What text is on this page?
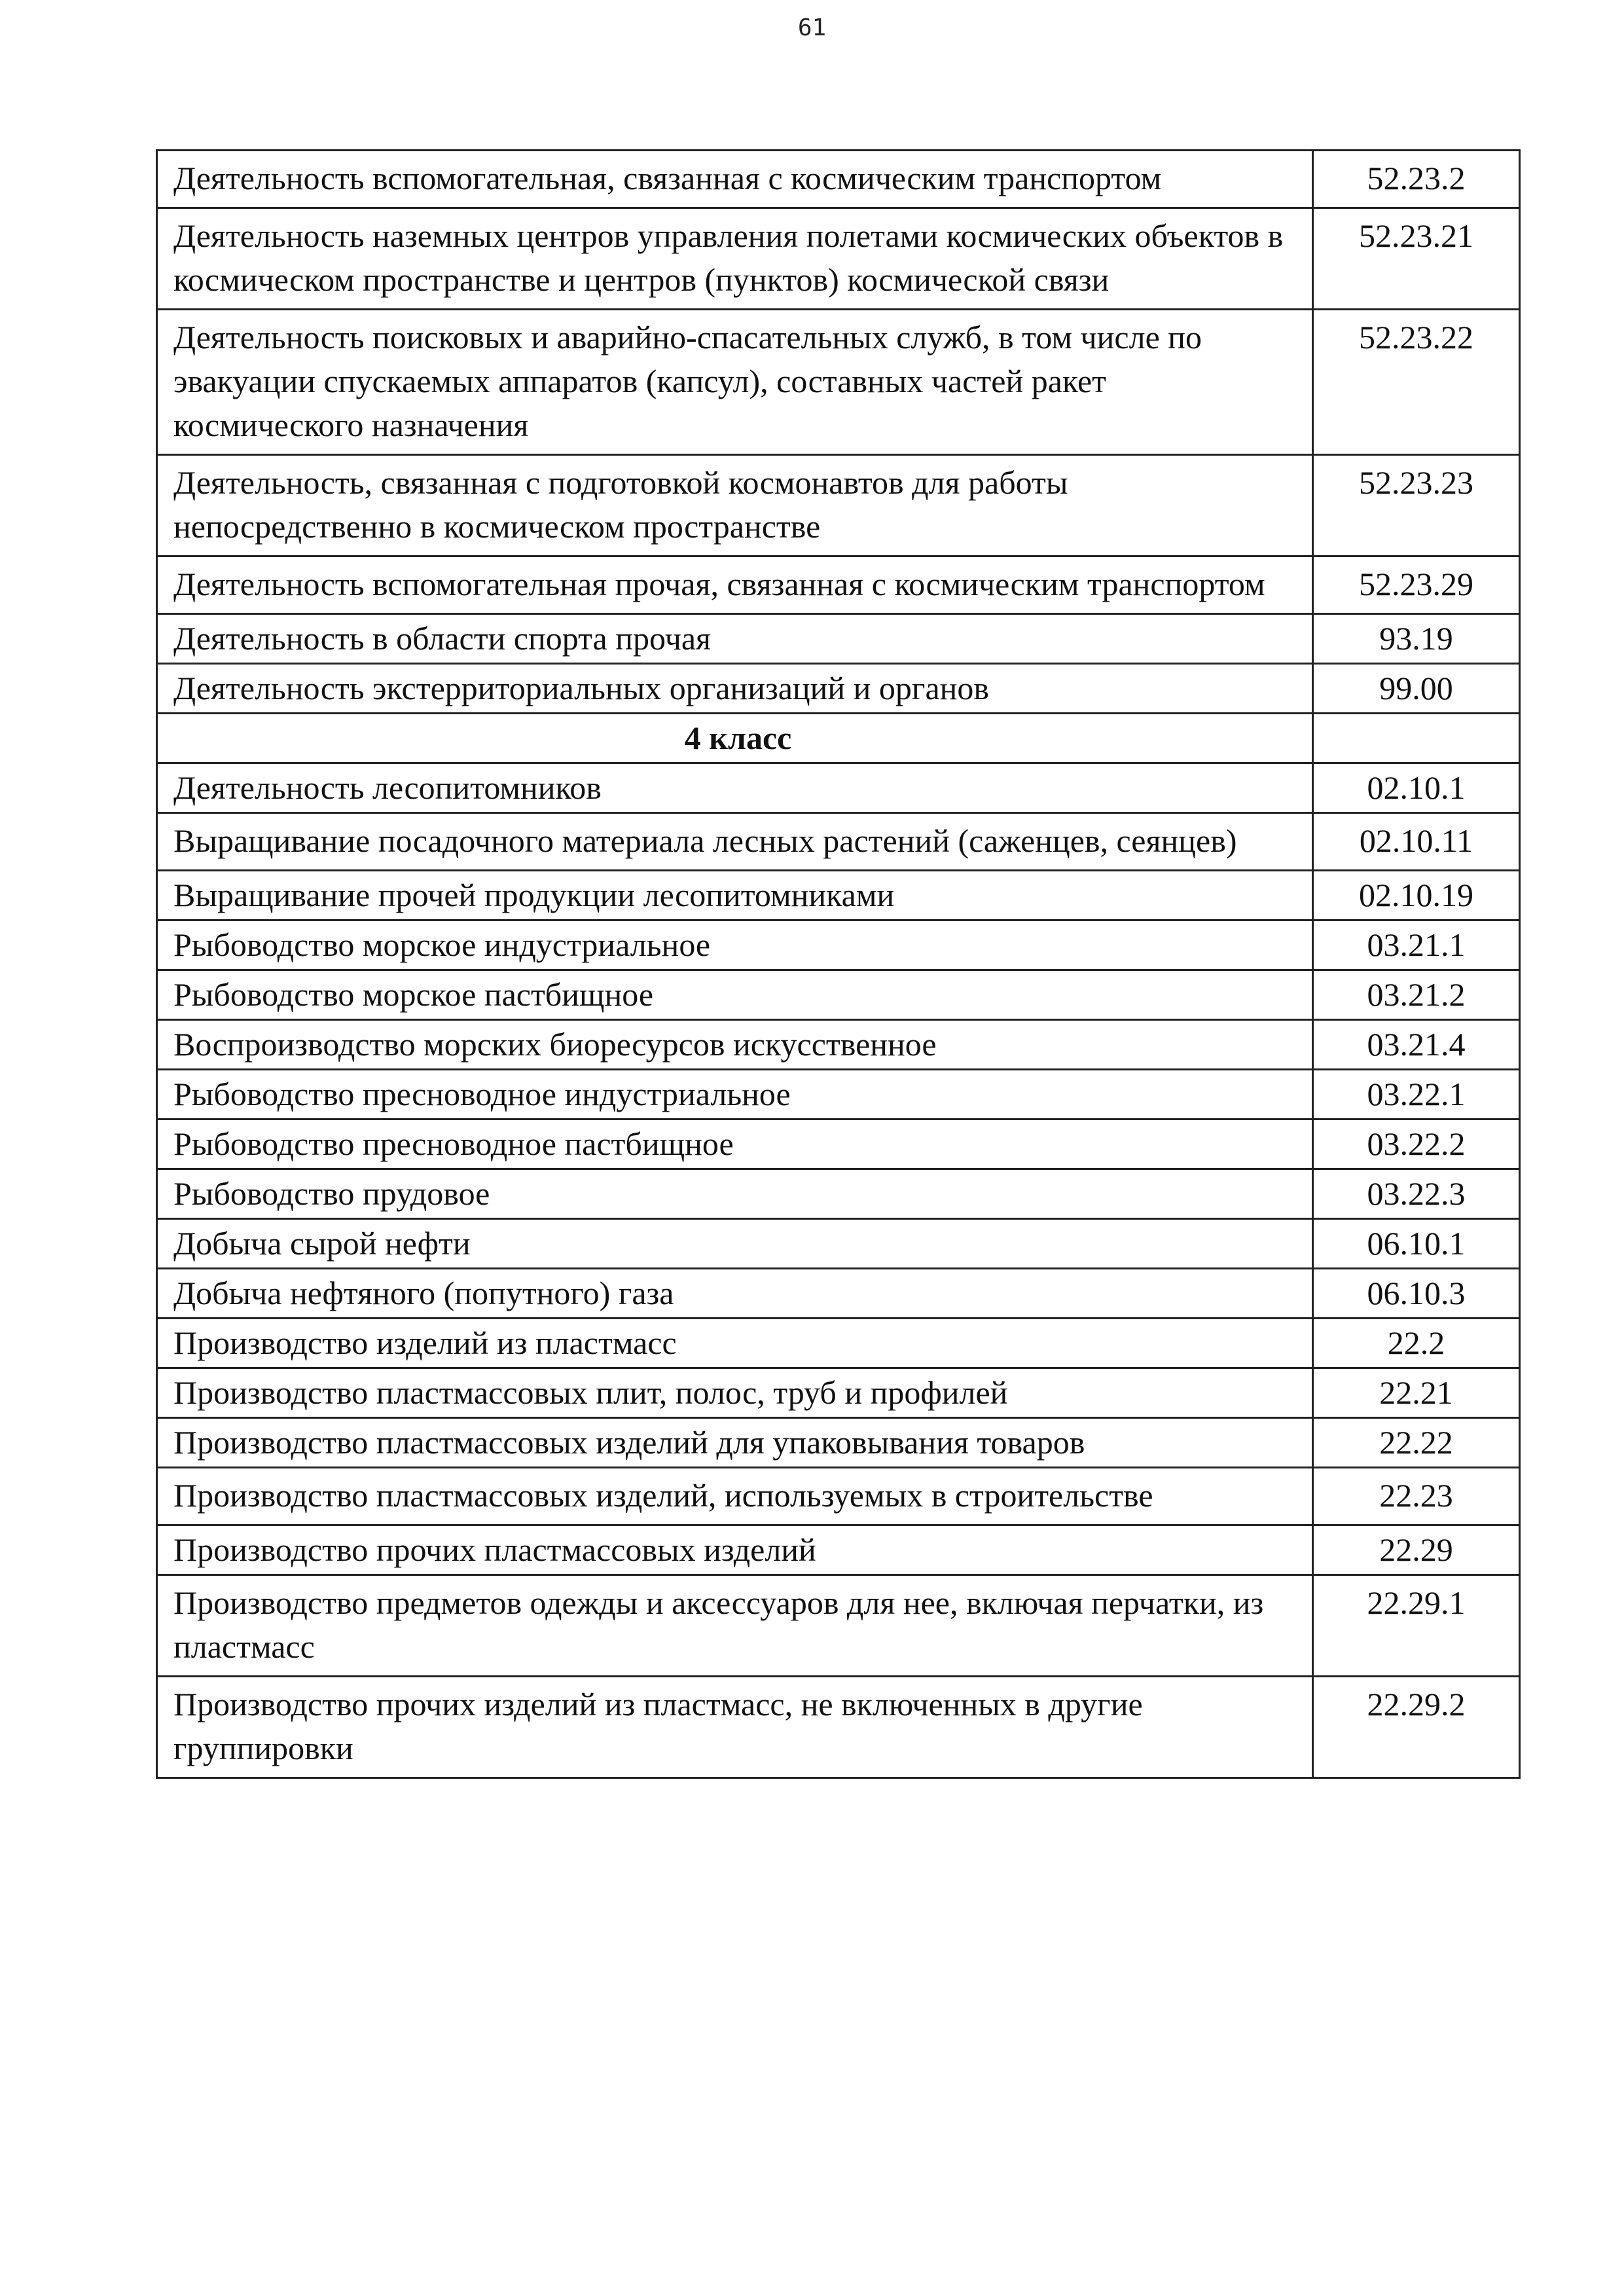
61
Деятельность вспомогательная, связанная с космическим транспортом	52.23.2
Деятельность наземных центров управления полетами космических объектов в космическом пространстве и центров (пунктов) космической связи	52.23.21
Деятельность поисковых и аварийно-спасательных служб, в том числе по эвакуации спускаемых аппаратов (капсул), составных частей ракет космического назначения	52.23.22
Деятельность, связанная с подготовкой космонавтов для работы непосредственно в космическом пространстве	52.23.23
Деятельность вспомогательная прочая, связанная с космическим транспортом	52.23.29
Деятельность в области спорта прочая	93.19
Деятельность экстерриториальных организаций и органов	99.00
4 класс	
Деятельность лесопитомников	02.10.1
Выращивание посадочного материала лесных растений (саженцев, сеянцев)	02.10.11
Выращивание прочей продукции лесопитомниками	02.10.19
Рыбоводство морское индустриальное	03.21.1
Рыбоводство морское пастбищное	03.21.2
Воспроизводство морских биоресурсов искусственное	03.21.4
Рыбоводство пресноводное индустриальное	03.22.1
Рыбоводство пресноводное пастбищное	03.22.2
Рыбоводство прудовое	03.22.3
Добыча сырой нефти	06.10.1
Добыча нефтяного (попутного) газа	06.10.3
Производство изделий из пластмасс	22.2
Производство пластмассовых плит, полос, труб и профилей	22.21
Производство пластмассовых изделий для упаковывания товаров	22.22
Производство пластмассовых изделий, используемых в строительстве	22.23
Производство прочих пластмассовых изделий	22.29
Производство предметов одежды и аксессуаров для нее, включая перчатки, из пластмасс	22.29.1
Производство прочих изделий из пластмасс, не включенных в другие группировки	22.29.2
